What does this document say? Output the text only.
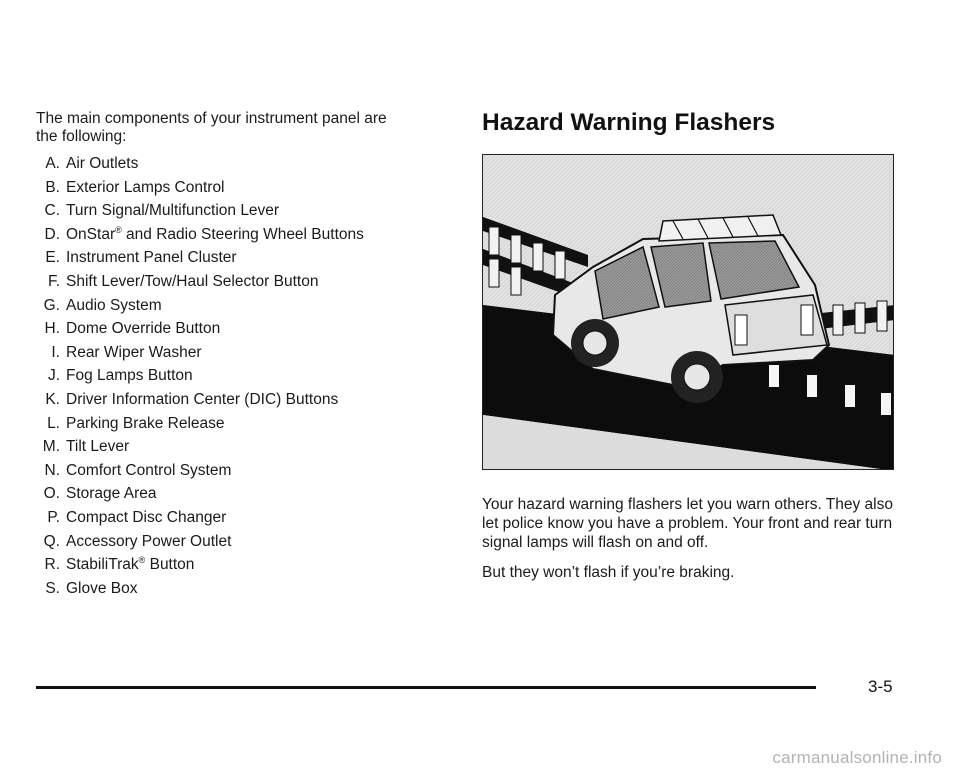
The main components of your instrument panel are the following:

A. Air Outlets
B. Exterior Lamps Control
C. Turn Signal/Multifunction Lever
D. OnStar® and Radio Steering Wheel Buttons
E. Instrument Panel Cluster
F. Shift Lever/Tow/Haul Selector Button
G. Audio System
H. Dome Override Button
I. Rear Wiper Washer
J. Fog Lamps Button
K. Driver Information Center (DIC) Buttons
L. Parking Brake Release
M. Tilt Lever
N. Comfort Control System
O. Storage Area
P. Compact Disc Changer
Q. Accessory Power Outlet
R. StabiliTrak® Button
S. Glove Box
Hazard Warning Flashers

Your hazard warning flashers let you warn others. They also let police know you have a problem. Your front and rear turn signal lamps will flash on and off.

But they won’t flash if you’re braking.

3-5
carmanualsonline.info
